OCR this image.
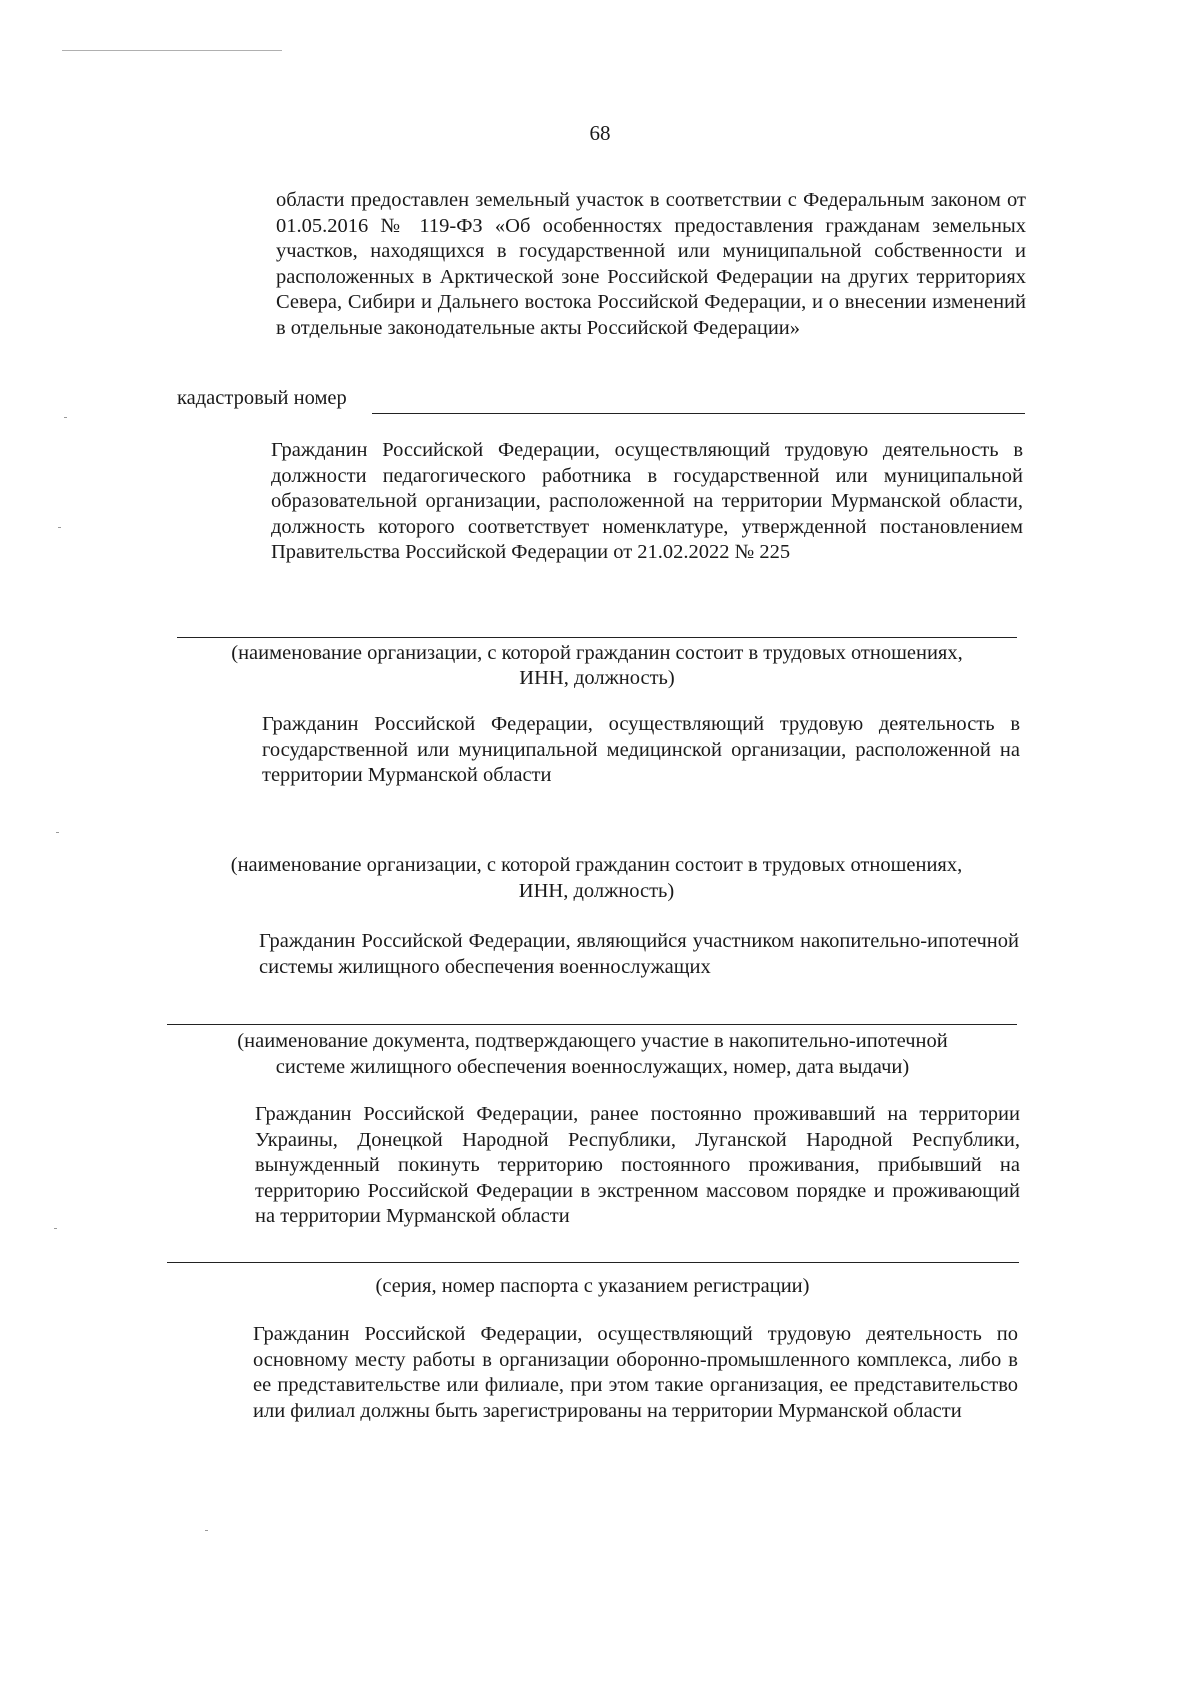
68
области предоставлен земельный участок в соответствии с Федеральным законом от 01.05.2016 № 119-ФЗ «Об особенностях предоставления гражданам земельных участков, находящихся в государственной или муниципальной собственности и расположенных в Арктической зоне Российской Федерации на других территориях Севера, Сибири и Дальнего востока Российской Федерации, и о внесении изменений в отдельные законодательные акты Российской Федерации»
кадастровый номер
Гражданин Российской Федерации, осуществляющий трудовую деятельность в должности педагогического работника в государственной или муниципальной образовательной организации, расположенной на территории Мурманской области, должность которого соответствует номенклатуре, утвержденной постановлением Правительства Российской Федерации от 21.02.2022 № 225
(наименование организации, с которой гражданин состоит в трудовых отношениях,
ИНН, должность)
Гражданин Российской Федерации, осуществляющий трудовую деятельность в государственной или муниципальной медицинской организации, расположенной на территории Мурманской области
(наименование организации, с которой гражданин состоит в трудовых отношениях,
ИНН, должность)
Гражданин Российской Федерации, являющийся участником накопительно-ипотечной системы жилищного обеспечения военнослужащих
(наименование документа, подтверждающего участие в накопительно-ипотечной
системе жилищного обеспечения военнослужащих, номер, дата выдачи)
Гражданин Российской Федерации, ранее постоянно проживавший на территории Украины, Донецкой Народной Республики, Луганской Народной Республики, вынужденный покинуть территорию постоянного проживания, прибывший на территорию Российской Федерации в экстренном массовом порядке и проживающий на территории Мурманской области
(серия, номер паспорта с указанием регистрации)
Гражданин Российской Федерации, осуществляющий трудовую деятельность по основному месту работы в организации оборонно-промышленного комплекса, либо в ее представительстве или филиале, при этом такие организация, ее представительство или филиал должны быть зарегистрированы на территории Мурманской области
